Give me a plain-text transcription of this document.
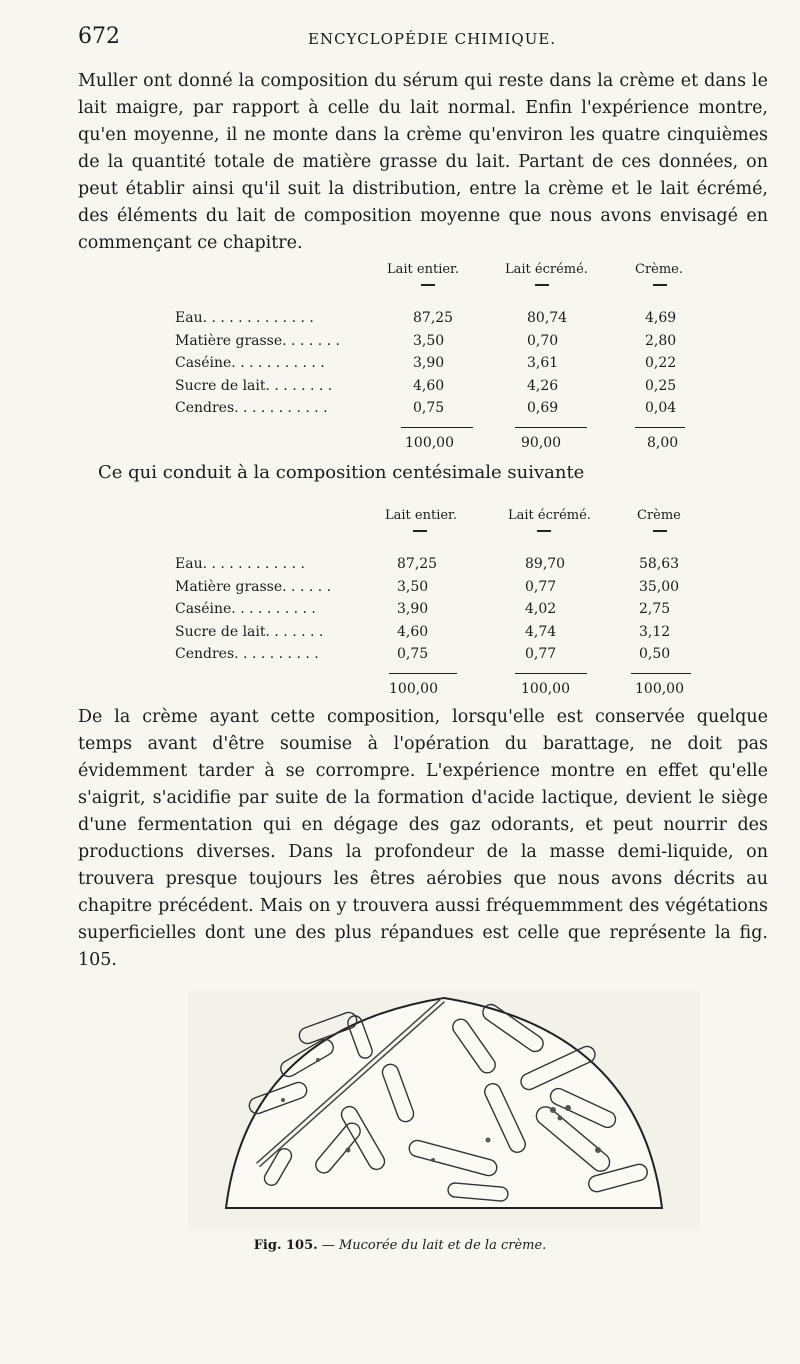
672	ENCYCLOPÉDIE CHIMIQUE.

Muller ont donné la composition du sérum qui reste dans la crème et dans le lait maigre, par rapport à celle du lait normal. Enfin l'expérience montre, qu'en moyenne, il ne monte dans la crème qu'environ les quatre cinquièmes de la quantité totale de matière grasse du lait. Partant de ces données, on peut établir ainsi qu'il suit la distribution, entre la crème et le lait écrémé, des éléments du lait de composition moyenne que nous avons envisagé en commençant ce chapitre.

Lait entier.	Lait écrémé.	Crème.
Eau. . . . . . . . . . . . .	87,25	80,74	4,69
Matière grasse. . . . . . .	3,50	0,70	2,80
Caséine. . . . . . . . . . .	3,90	3,61	0,22
Sucre de lait. . . . . . . .	4,60	4,26	0,25
Cendres. . . . . . . . . . .	0,75	0,69	0,04
100,00	90,00	8,00
Ce qui conduit à la composition centésimale suivante
Lait entier.	Lait écrémé.	Crème
Eau. . . . . . . . . . . .	87,25	89,70	58,63
Matière grasse. . . . . .	3,50	0,77	35,00
Caséine. . . . . . . . . .	3,90	4,02	2,75
Sucre de lait. . . . . . .	4,60	4,74	3,12
Cendres. . . . . . . . . .	0,75	0,77	0,50
100,00	100,00	100,00

De la crème ayant cette composition, lorsqu'elle est conservée quelque temps avant d'être soumise à l'opération du barattage, ne doit pas évidemment tarder à se corrompre. L'expérience montre en effet qu'elle s'aigrit, s'acidifie par suite de la formation d'acide lactique, devient le siège d'une fermentation qui en dégage des gaz odorants, et peut nourrir des productions diverses. Dans la profondeur de la masse demi-liquide, on trouvera presque toujours les êtres aérobies que nous avons décrits au chapitre précédent. Mais on y trouvera aussi fréquemmment des végétations superficielles dont une des plus répandues est celle que représente la fig. 105.

Fig. 105. — Mucorée du lait et de la crème.
